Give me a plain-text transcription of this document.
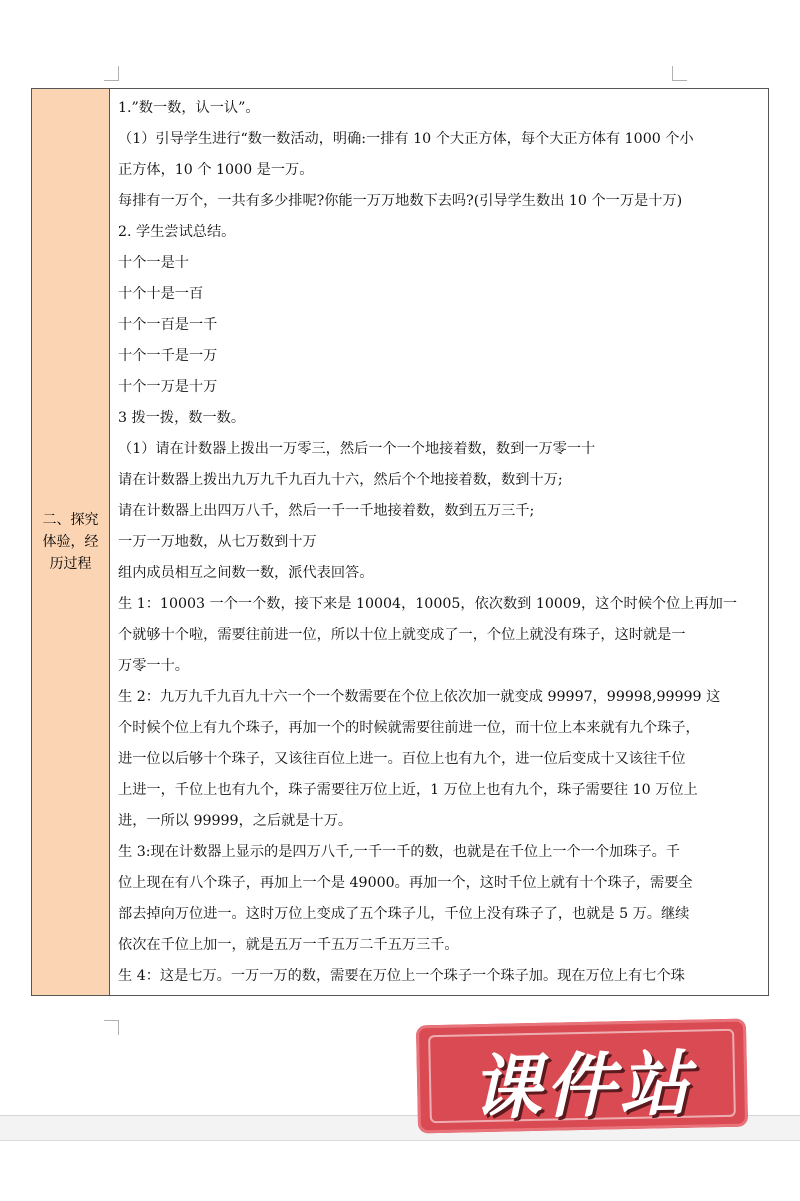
二、探究体验，经历过程
1.”数一数，认一认”。
（1）引导学生进行“数一数活动，明确:一排有 10 个大正方体，每个大正方体有 1000 个小
正方体，10 个 1000 是一万。
每排有一万个，一共有多少排呢?你能一万万地数下去吗?(引导学生数出 10 个一万是十万)
2. 学生尝试总结。
十个一是十
十个十是一百
十个一百是一千
十个一千是一万
十个一万是十万
3 拨一拨，数一数。
（1）请在计数器上拨出一万零三，然后一个一个地接着数，数到一万零一十
请在计数器上拨出九万九千九百九十六，然后个个地接着数，数到十万;
请在计数器上出四万八千，然后一千一千地接着数，数到五万三千;
一万一万地数，从七万数到十万
组内成员相互之间数一数，派代表回答。
生 1：10003 一个一个数，接下来是 10004，10005，依次数到 10009，这个时候个位上再加一
个就够十个啦，需要往前进一位，所以十位上就变成了一，个位上就没有珠子，这时就是一
万零一十。
生 2：九万九千九百九十六一个一个数需要在个位上依次加一就变成 99997，99998,99999 这
个时候个位上有九个珠子，再加一个的时候就需要往前进一位，而十位上本来就有九个珠子，
进一位以后够十个珠子，又该往百位上进一。百位上也有九个，进一位后变成十又该往千位
上进一，千位上也有九个，珠子需要往万位上近，1 万位上也有九个，珠子需要往 10 万位上
进，一所以 99999，之后就是十万。
生 3:现在计数器上显示的是四万八千,一千一千的数，也就是在千位上一个一个加珠子。千
位上现在有八个珠子，再加上一个是 49000。再加一个，这时千位上就有十个珠子，需要全
部去掉向万位进一。这时万位上变成了五个珠子儿，千位上没有珠子了，也就是 5 万。继续
依次在千位上加一，就是五万一千五万二千五万三千。
生 4：这是七万。一万一万的数，需要在万位上一个珠子一个珠子加。现在万位上有七个珠
课件站
